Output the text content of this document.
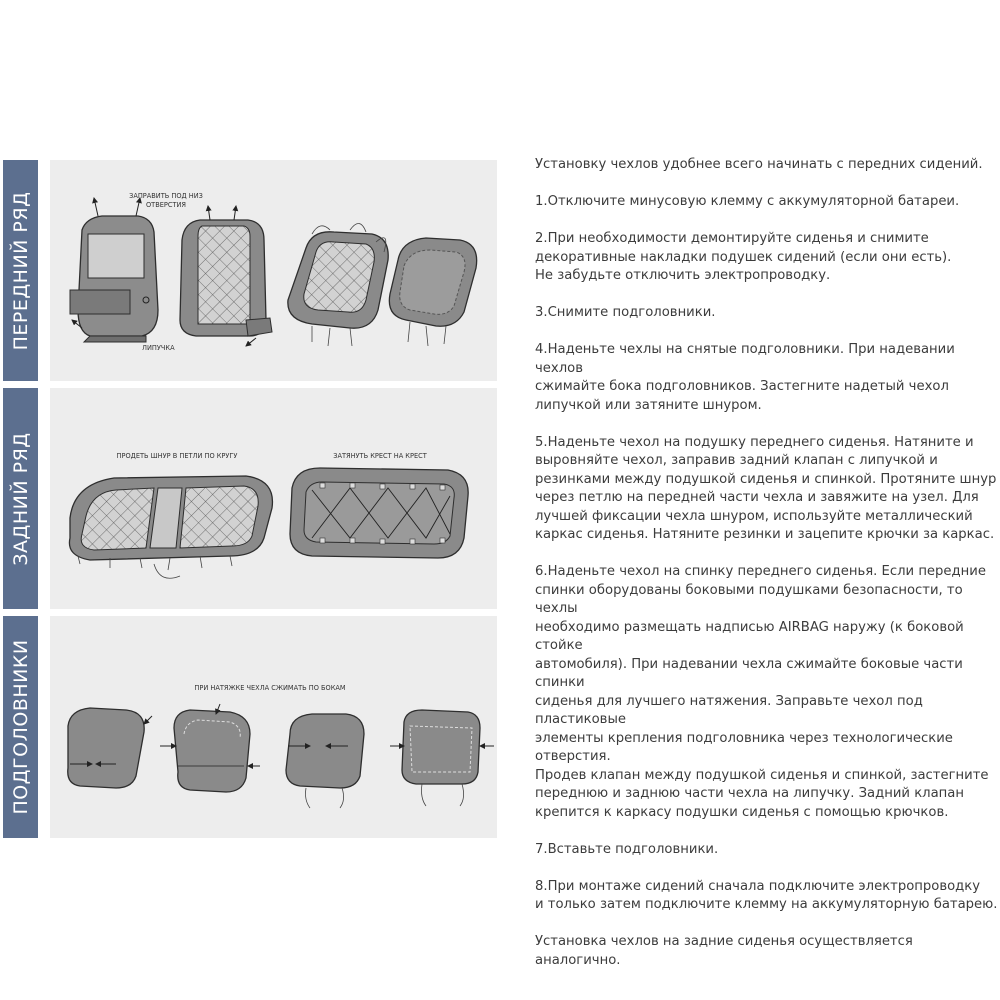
ПЕРЕДНИЙ РЯД
ЗАДНИЙ РЯД
ПОДГОЛОВНИКИ
ЗАПРАВИТЬ ПОД НИЗ ОТВЕРСТИЯ
ЛИПУЧКА
ПРОДЕТЬ ШНУР В ПЕТЛИ ПО КРУГУ	ЗАТЯНУТЬ КРЕСТ НА КРЕСТ
ПРИ НАТЯЖКЕ ЧЕХЛА СЖИМАТЬ ПО БОКАМ

Установку чехлов удобнее всего начинать с передних сидений.

1.Отключите минусовую клемму с аккумуляторной батареи.

2.При необходимости демонтируйте сиденья и снимите
декоративные накладки подушек сидений (если они есть).
Не забудьте отключить электропроводку.

3.Снимите подголовники.

4.Наденьте чехлы на снятые подголовники. При надевании чехлов
сжимайте бока подголовников. Застегните надетый чехол
липучкой или затяните шнуром.

5.Наденьте чехол на подушку переднего сиденья. Натяните и
выровняйте чехол, заправив задний клапан с липучкой и
резинками между подушкой сиденья и спинкой. Протяните шнур
через петлю на передней части чехла и завяжите на узел. Для
лучшей фиксации чехла шнуром, используйте металлический
каркас сиденья. Натяните резинки и зацепите крючки за каркас.

6.Наденьте чехол на спинку переднего сиденья. Если передние
спинки оборудованы боковыми подушками безопасности, то чехлы
необходимо размещать надписью AIRBAG наружу (к боковой стойке
автомобиля). При надевании чехла сжимайте боковые части спинки
сиденья для лучшего натяжения. Заправьте чехол под пластиковые
элементы крепления подголовника через технологические отверстия.
Продев клапан между подушкой сиденья и спинкой, застегните
переднюю и заднюю части чехла на липучку. Задний клапан
крепится к каркасу подушки сиденья с помощью крючков.

7.Вставьте подголовники.

8.При монтаже сидений сначала подключите электропроводку
и только затем подключите клемму на аккумуляторную батарею.

Установка чехлов на задние сиденья осуществляется аналогично.
